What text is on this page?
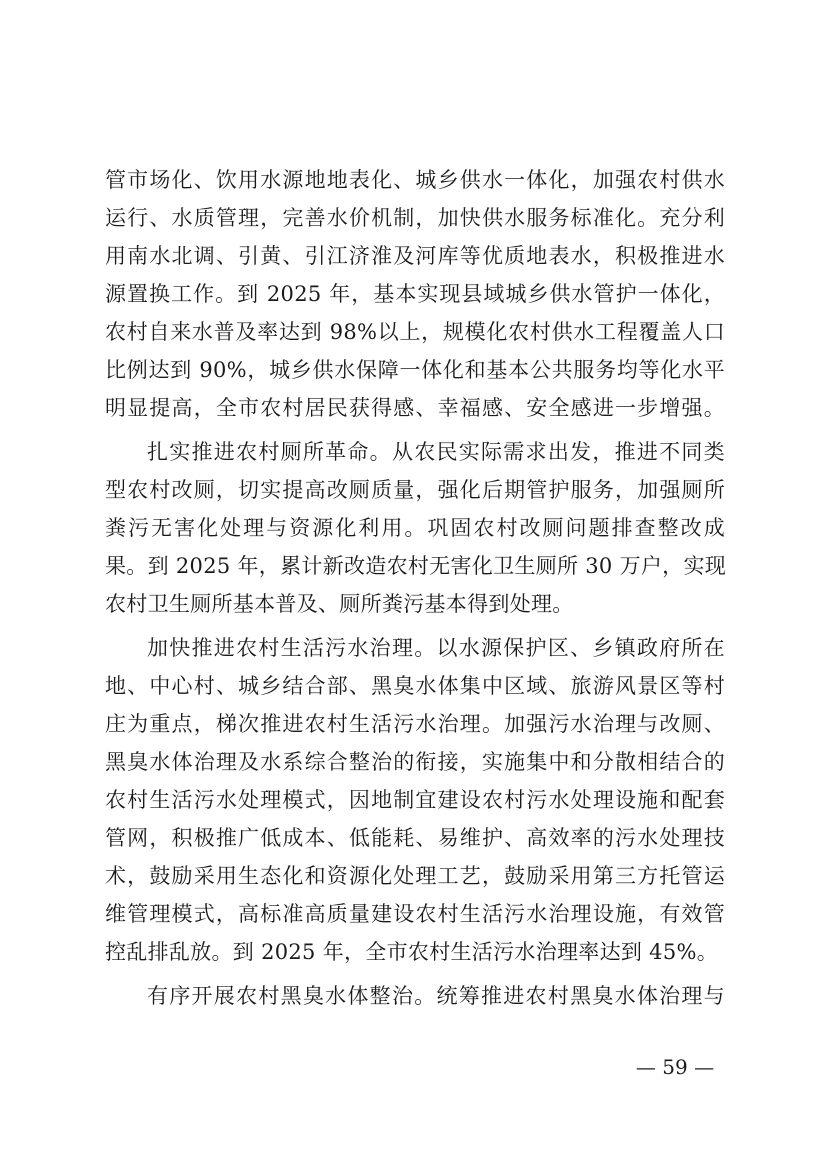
管市场化、饮用水源地地表化、城乡供水一体化，加强农村供水
运行、水质管理，完善水价机制，加快供水服务标准化。充分利
用南水北调、引黄、引江济淮及河库等优质地表水，积极推进水
源置换工作。到 2025 年，基本实现县域城乡供水管护一体化，
农村自来水普及率达到 98%以上，规模化农村供水工程覆盖人口
比例达到 90%，城乡供水保障一体化和基本公共服务均等化水平
明显提高，全市农村居民获得感、幸福感、安全感进一步增强。
扎实推进农村厕所革命。从农民实际需求出发，推进不同类
型农村改厕，切实提高改厕质量，强化后期管护服务，加强厕所
粪污无害化处理与资源化利用。巩固农村改厕问题排查整改成
果。到 2025 年，累计新改造农村无害化卫生厕所 30 万户，实现
农村卫生厕所基本普及、厕所粪污基本得到处理。
加快推进农村生活污水治理。以水源保护区、乡镇政府所在
地、中心村、城乡结合部、黑臭水体集中区域、旅游风景区等村
庄为重点，梯次推进农村生活污水治理。加强污水治理与改厕、
黑臭水体治理及水系综合整治的衔接，实施集中和分散相结合的
农村生活污水处理模式，因地制宜建设农村污水处理设施和配套
管网，积极推广低成本、低能耗、易维护、高效率的污水处理技
术，鼓励采用生态化和资源化处理工艺，鼓励采用第三方托管运
维管理模式，高标准高质量建设农村生活污水治理设施，有效管
控乱排乱放。到 2025 年，全市农村生活污水治理率达到 45%。
有序开展农村黑臭水体整治。统筹推进农村黑臭水体治理与
— 59 —
